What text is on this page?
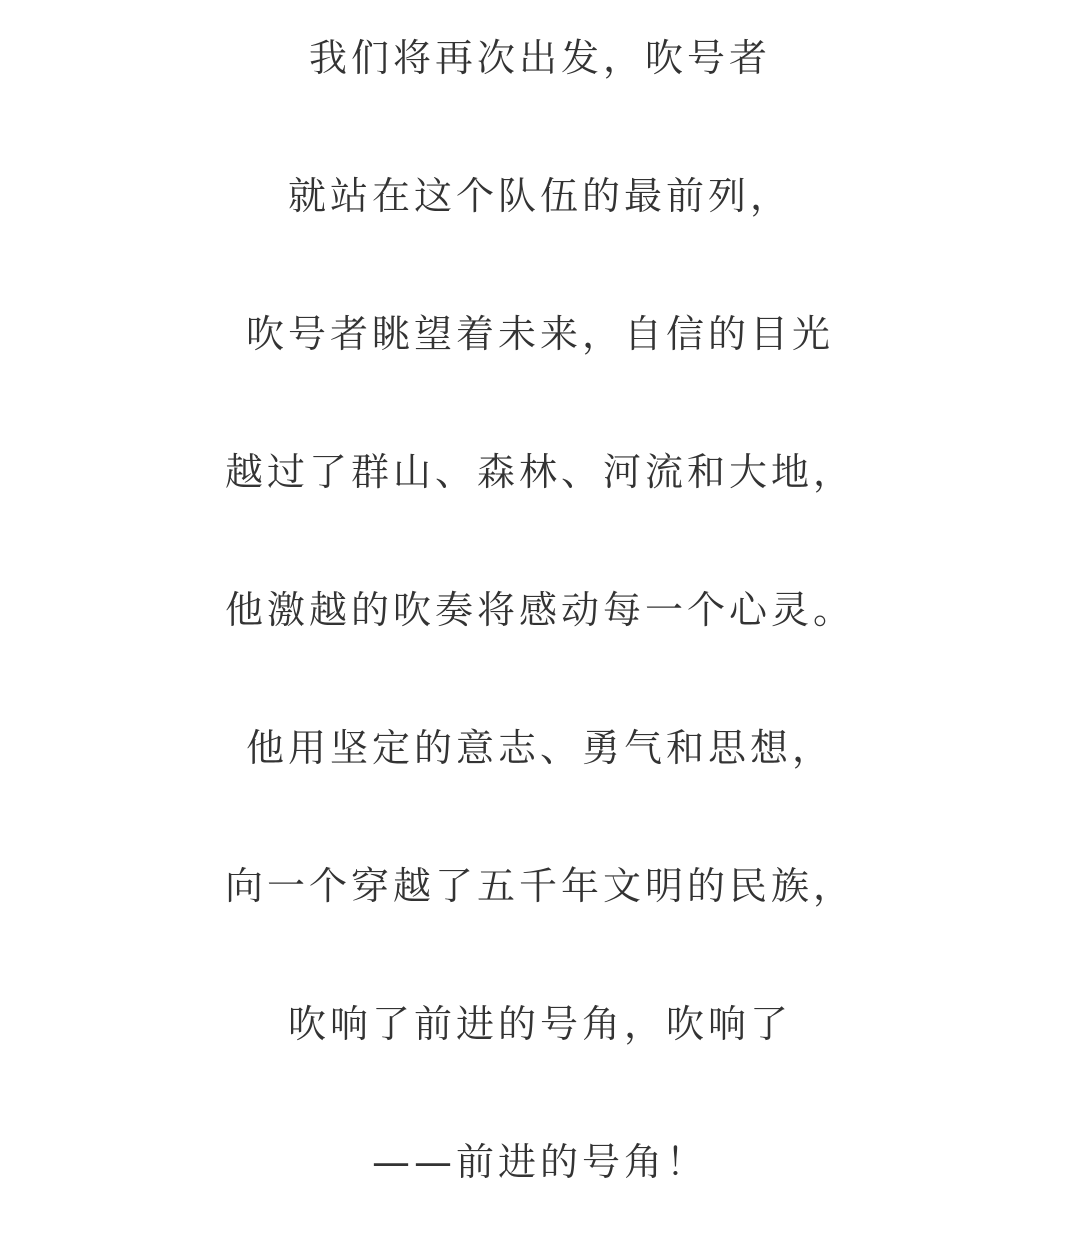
我们将再次出发，吹号者
就站在这个队伍的最前列，
吹号者眺望着未来，自信的目光
越过了群山、森林、河流和大地，
他激越的吹奏将感动每一个心灵。
他用坚定的意志、勇气和思想，
向一个穿越了五千年文明的民族，
吹响了前进的号角，吹响了
——前进的号角！
